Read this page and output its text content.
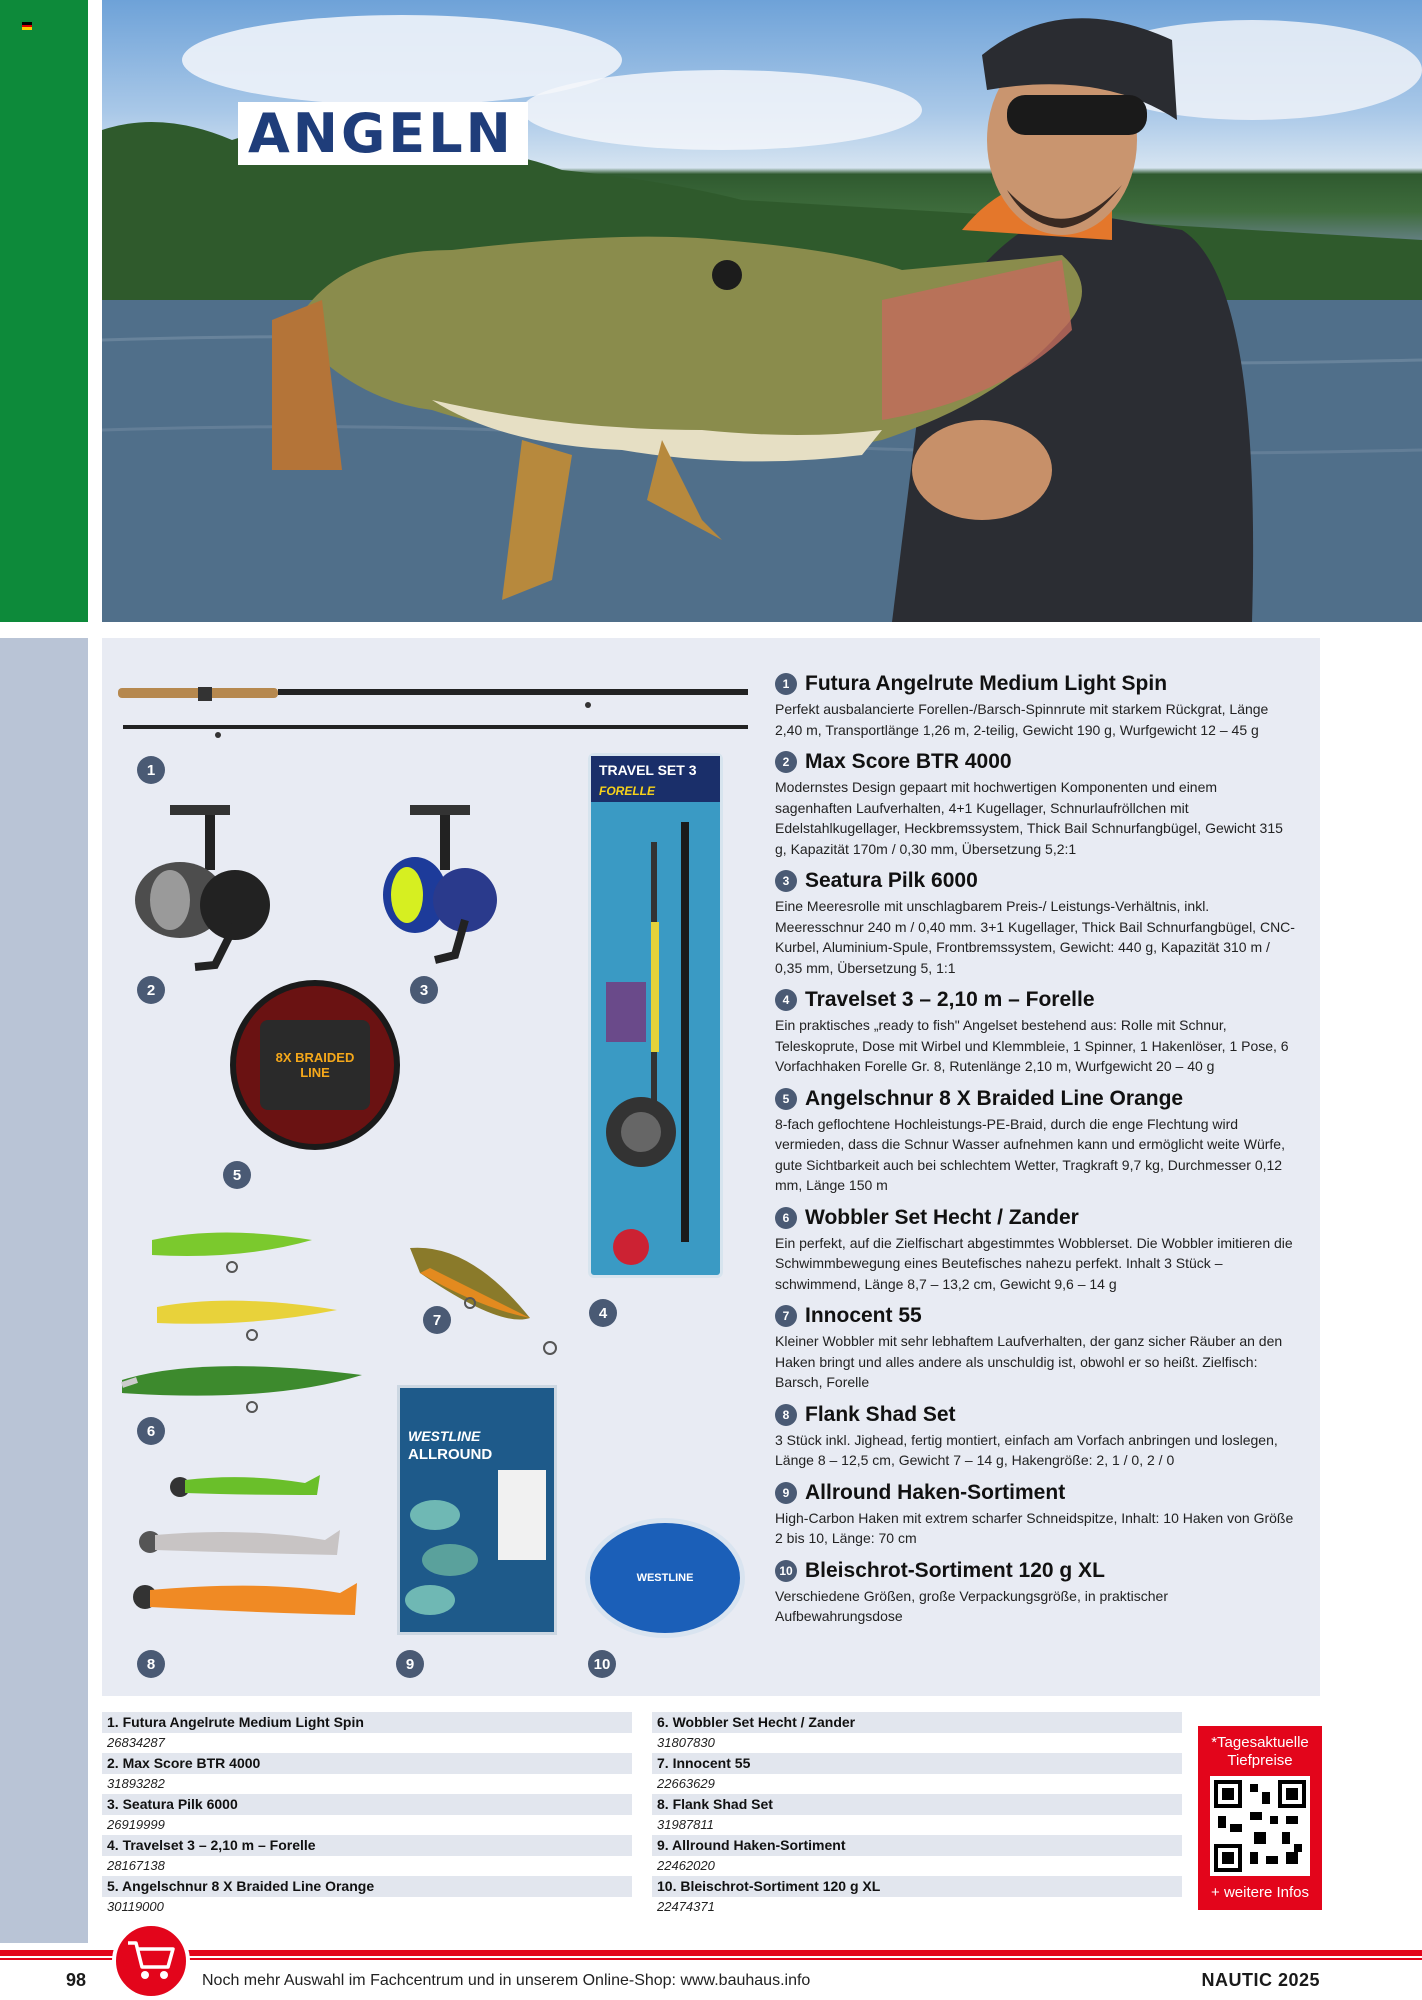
ANGELN
1
2	3
TRAVEL SET 3
FORELLE
4
8X BRAIDED LINE
5
6
7
8
WESTLINE
ALLROUND
9
WESTLINE
10
1 Futura Angelrute Medium Light Spin
Perfekt ausbalancierte Forellen-/Barsch-Spinnrute mit starkem Rückgrat, Länge 2,40 m, Transportlänge 1,26 m, 2-teilig, Gewicht 190 g, Wurfgewicht 12 – 45 g
2 Max Score BTR 4000
Modernstes Design gepaart mit hochwertigen Komponenten und einem sagenhaften Laufverhalten, 4+1 Kugellager, Schnurlaufröllchen mit Edelstahlkugellager, Heckbremssystem, Thick Bail Schnurfangbügel, Gewicht 315 g, Kapazität 170m / 0,30 mm, Übersetzung 5,2:1
3 Seatura Pilk 6000
Eine Meeresrolle mit unschlagbarem Preis-/ Leistungs-Verhältnis, inkl. Meeresschnur 240 m / 0,40 mm. 3+1 Kugellager, Thick Bail Schnurfangbügel, CNC-Kurbel, Aluminium-Spule, Frontbremssystem, Gewicht: 440 g, Kapazität 310 m / 0,35 mm, Übersetzung 5, 1:1
4 Travelset 3 – 2,10 m – Forelle
Ein praktisches „ready to fish" Angelset bestehend aus: Rolle mit Schnur, Teleskoprute, Dose mit Wirbel und Klemmbleie, 1 Spinner, 1 Hakenlöser, 1 Pose, 6 Vorfachhaken Forelle Gr. 8, Rutenlänge 2,10 m, Wurfgewicht 20 – 40 g
5 Angelschnur 8 X Braided Line Orange
8-fach geflochtene Hochleistungs-PE-Braid, durch die enge Flechtung wird vermieden, dass die Schnur Wasser aufnehmen kann und ermöglicht weite Würfe, gute Sichtbarkeit auch bei schlechtem Wetter, Tragkraft 9,7 kg, Durchmesser 0,12 mm, Länge 150 m
6 Wobbler Set Hecht / Zander
Ein perfekt, auf die Zielfischart abgestimmtes Wobblerset. Die Wobbler imitieren die Schwimmbewegung eines Beutefisches nahezu perfekt. Inhalt 3 Stück – schwimmend, Länge 8,7 – 13,2 cm, Gewicht 9,6 – 14 g
7 Innocent 55
Kleiner Wobbler mit sehr lebhaftem Laufverhalten, der ganz sicher Räuber an den Haken bringt und alles andere als unschuldig ist, obwohl er so heißt. Zielfisch: Barsch, Forelle
8 Flank Shad Set
3 Stück inkl. Jighead, fertig montiert, einfach am Vorfach anbringen und loslegen, Länge 8 – 12,5 cm, Gewicht 7 – 14 g, Hakengröße: 2, 1 / 0, 2 / 0
9 Allround Haken-Sortiment
High-Carbon Haken mit extrem scharfer Schneidspitze, Inhalt: 10 Haken von Größe 2 bis 10, Länge: 70 cm
10 Bleischrot-Sortiment 120 g XL
Verschiedene Größen, große Verpackungsgröße, in praktischer Aufbewahrungsdose
1. Futura Angelrute Medium Light Spin
26834287
2. Max Score BTR 4000
31893282
3. Seatura Pilk 6000
26919999
4. Travelset 3 – 2,10 m – Forelle
28167138
5. Angelschnur 8 X Braided Line Orange
30119000
6. Wobbler Set Hecht / Zander
31807830
7. Innocent 55
22663629
8. Flank Shad Set
31987811
9. Allround Haken-Sortiment
22462020
10. Bleischrot-Sortiment 120 g XL
22474371
*Tagesaktuelle Tiefpreise
+ weitere Infos
98	Noch mehr Auswahl im Fachcentrum und in unserem Online-Shop: www.bauhaus.info	NAUTIC 2025
